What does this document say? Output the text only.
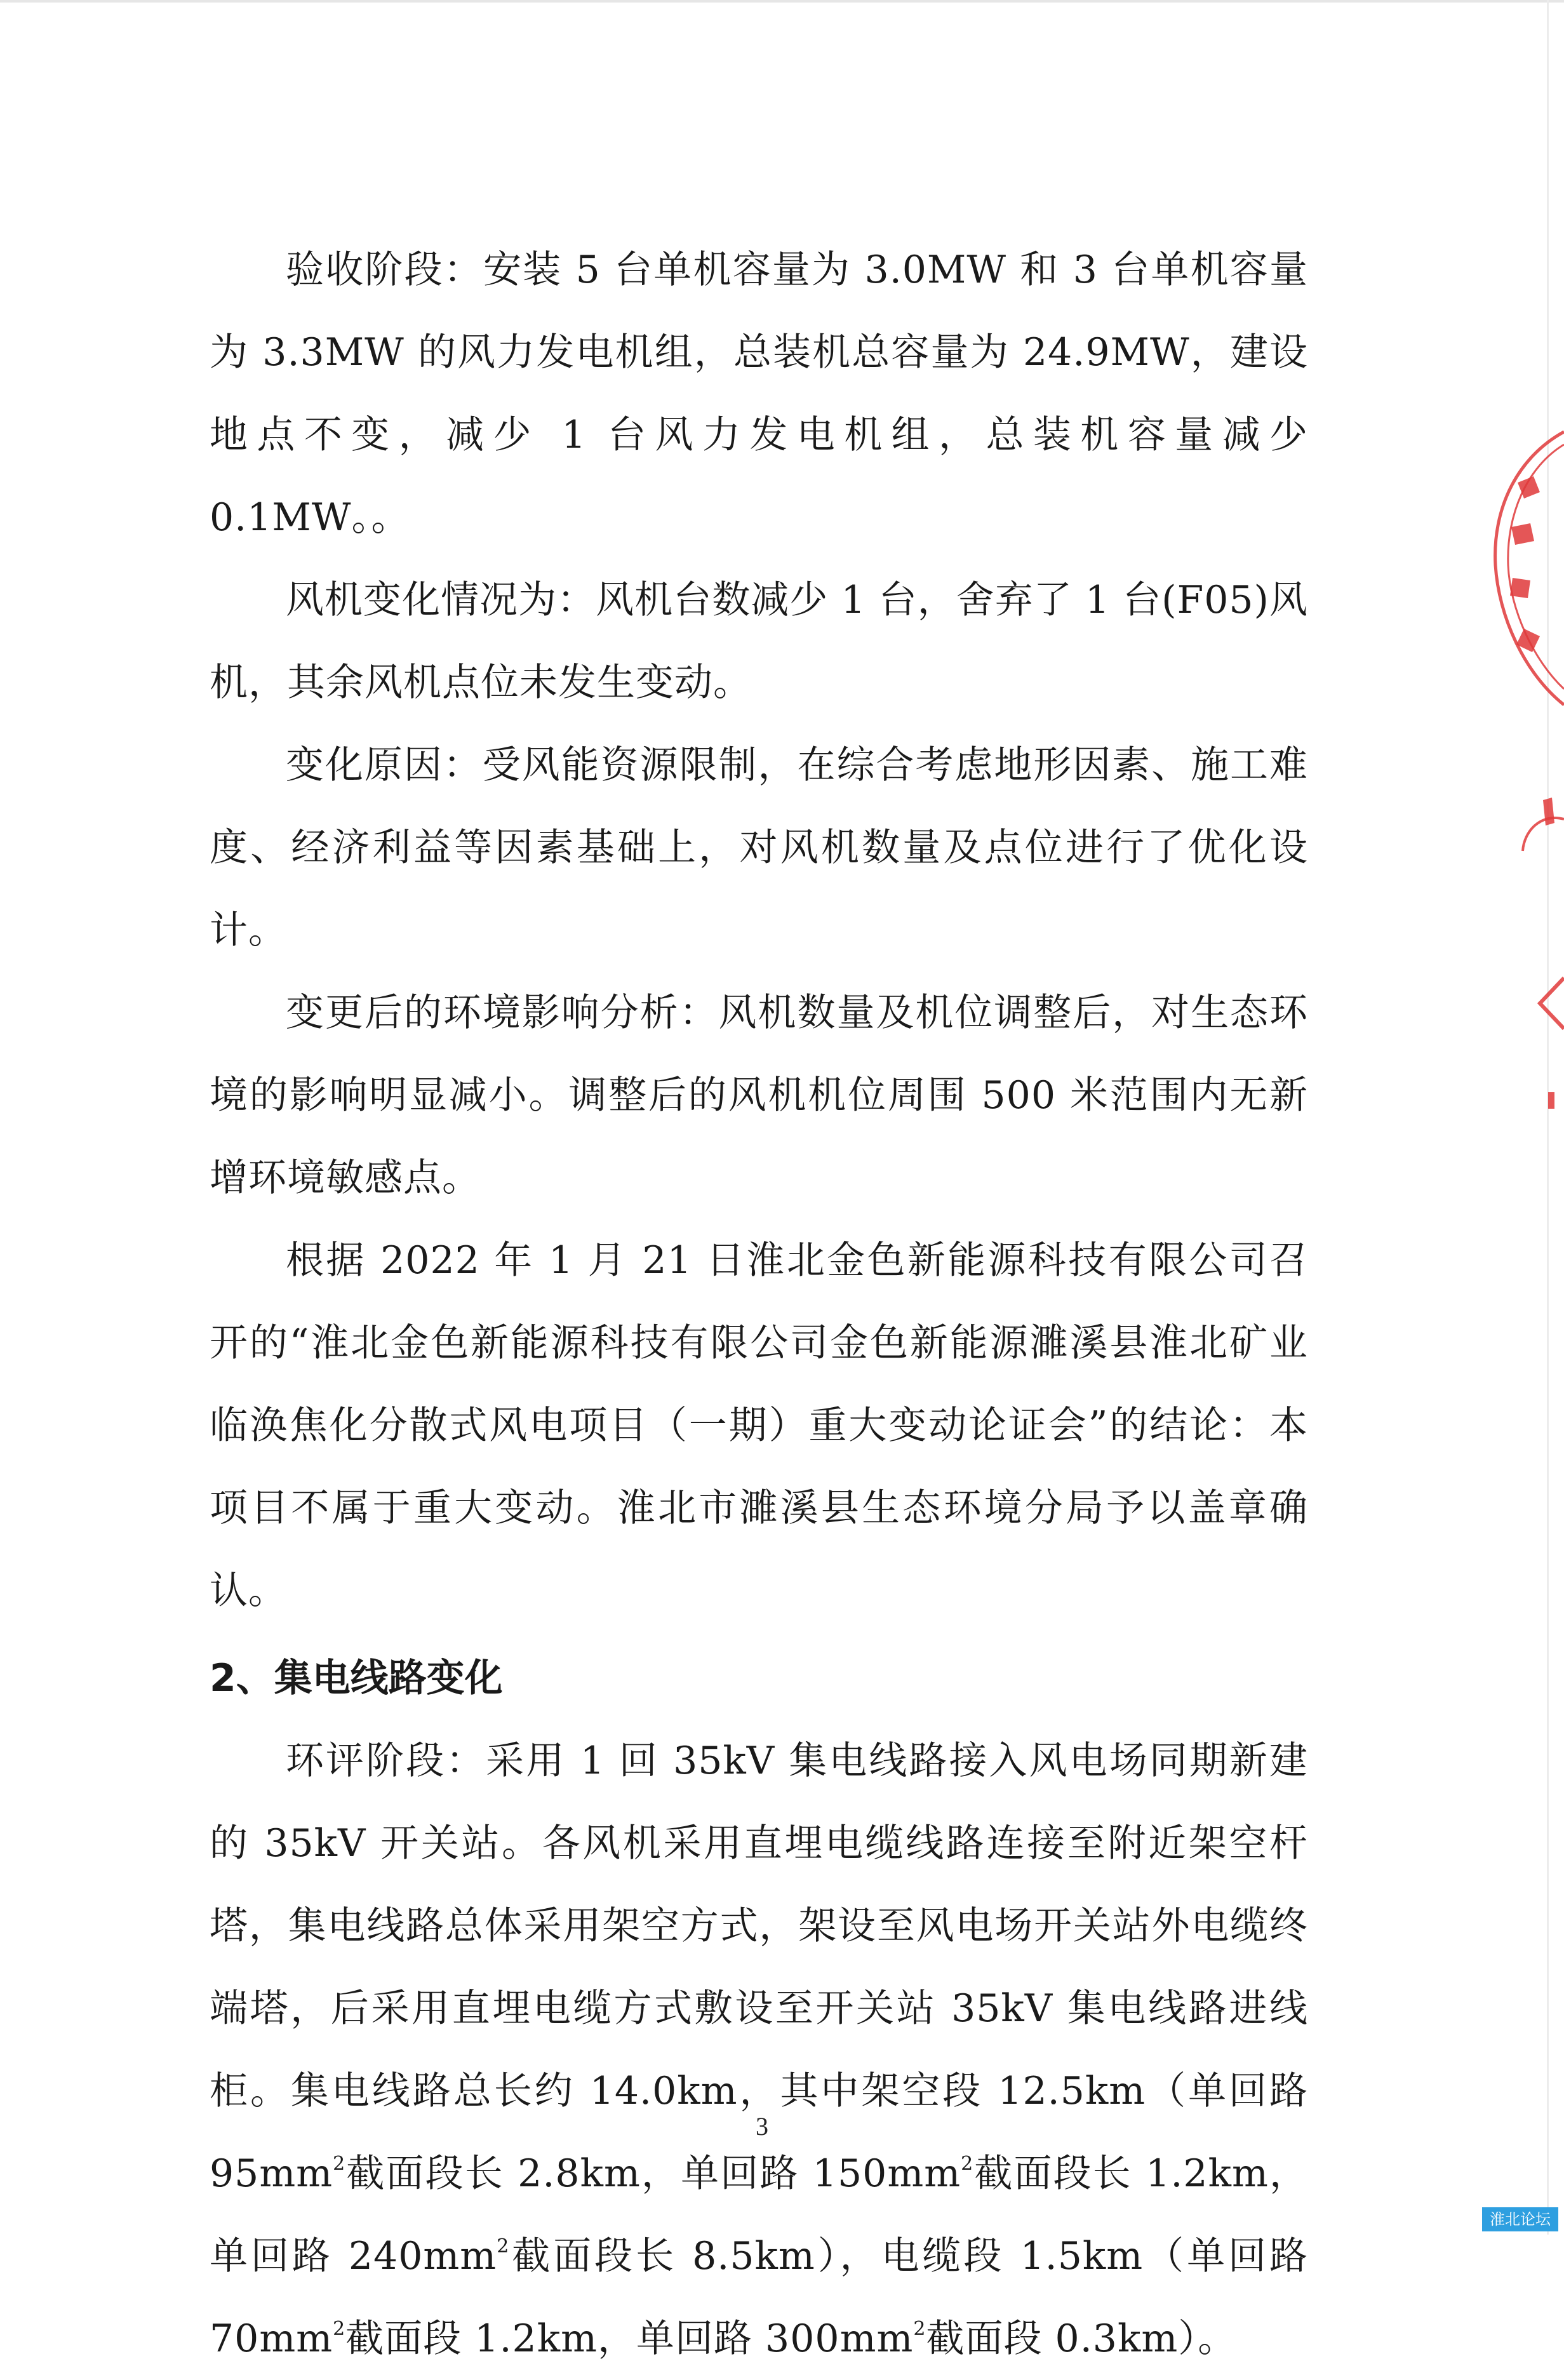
验收阶段：安装 5 台单机容量为 3.0MW 和 3 台单机容量为 3.3MW 的风力发电机组，总装机总容量为 24.9MW，建设地点不变，减少 1 台风力发电机组，总装机容量减少 0.1MW。。

风机变化情况为：风机台数减少 1 台，舍弃了 1 台(F05)风机，其余风机点位未发生变动。

变化原因：受风能资源限制，在综合考虑地形因素、施工难度、经济利益等因素基础上，对风机数量及点位进行了优化设计。

变更后的环境影响分析：风机数量及机位调整后，对生态环境的影响明显减小。调整后的风机机位周围 500 米范围内无新增环境敏感点。

根据 2022 年 1 月 21 日淮北金色新能源科技有限公司召开的“淮北金色新能源科技有限公司金色新能源濉溪县淮北矿业临涣焦化分散式风电项目（一期）重大变动论证会”的结论：本项目不属于重大变动。淮北市濉溪县生态环境分局予以盖章确认。

2、集电线路变化

环评阶段：采用 1 回 35kV 集电线路接入风电场同期新建的 35kV 开关站。各风机采用直埋电缆线路连接至附近架空杆塔，集电线路总体采用架空方式，架设至风电场开关站外电缆终端塔，后采用直埋电缆方式敷设至开关站 35kV 集电线路进线柜。集电线路总长约 14.0km，其中架空段 12.5km（单回路 $95mm^2$截面段长 2.8km，单回路 $150mm^2$截面段长 1.2km，单回路 $240mm^2$截面段长 8.5km），电缆段 1.5km（单回路 $70mm^2$截面段 1.2km，单回路 $300mm^2$截面段 0.3km）。

3
淮北论坛
